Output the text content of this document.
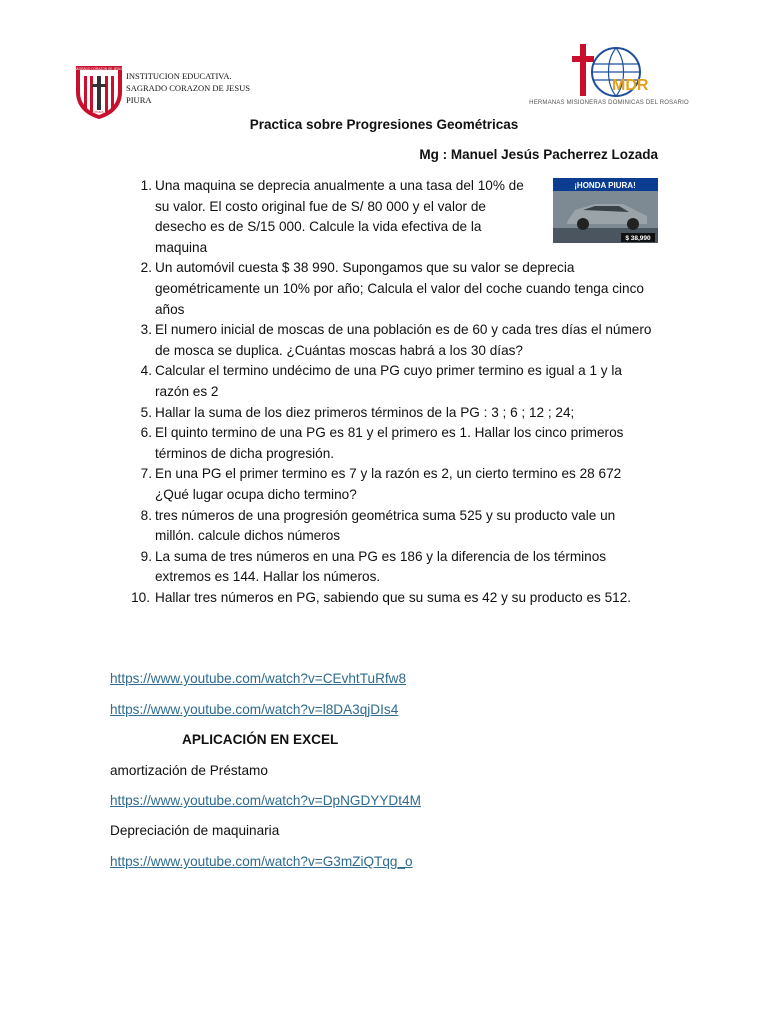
SAGRADO CORAZON DE JESUS
PIURA
INSTITUCION EDUCATIVA.
SAGRADO CORAZON DE JESUS
PIURA
MDR
HERMANAS MISIONERAS DOMINICAS DEL ROSARIO
Practica sobre Progresiones Geométricas
Mg : Manuel Jesús Pacherrez Lozada
¡HONDA PIURA!
$ 38,990
1. Una maquina se deprecia anualmente a una tasa del 10% de su valor. El costo original fue de S/ 80 000 y el valor de desecho es de S/15 000. Calcule la vida efectiva de la maquina
2. Un automóvil cuesta $ 38 990. Supongamos que su valor se deprecia geométricamente un 10% por año; Calcula el valor del coche cuando tenga cinco años
3. El numero inicial de moscas de una población es de 60 y cada tres días el número de mosca se duplica. ¿Cuántas moscas habrá a los 30 días?
4. Calcular el termino undécimo de una PG cuyo primer termino es igual a 1 y la razón es 2
5. Hallar la suma de los diez primeros términos de la PG : 3 ; 6 ; 12 ; 24;
6. El quinto termino de una PG es 81 y el primero es 1. Hallar los cinco primeros términos de dicha progresión.
7. En una PG el primer termino es 7 y la razón es 2, un cierto termino es 28 672 ¿Qué lugar ocupa dicho termino?
8. tres números de una progresión geométrica suma 525 y su producto vale un millón. calcule dichos números
9. La suma de tres números en una PG es 186 y la diferencia de los términos extremos es 144. Hallar los números.
10. Hallar tres números en PG, sabiendo que su suma es 42 y su producto es 512.
https://www.youtube.com/watch?v=CEvhtTuRfw8
https://www.youtube.com/watch?v=l8DA3qjDIs4
APLICACIÓN EN EXCEL
amortización de Préstamo
https://www.youtube.com/watch?v=DpNGDYYDt4M
Depreciación de maquinaria
https://www.youtube.com/watch?v=G3mZiQTqg_o
